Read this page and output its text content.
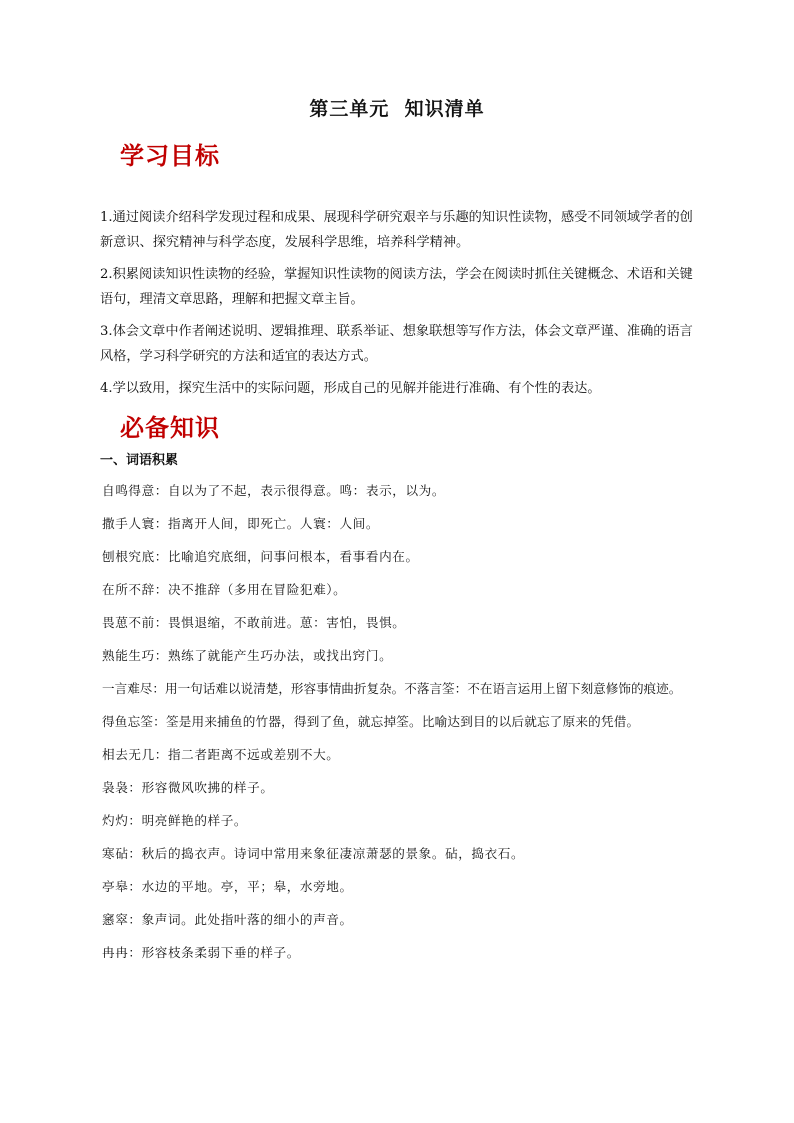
第三单元  知识清单
学习目标

1.通过阅读介绍科学发现过程和成果、展现科学研究艰辛与乐趣的知识性读物，感受不同领域学者的创新意识、探究精神与科学态度，发展科学思维，培养科学精神。

2.积累阅读知识性读物的经验，掌握知识性读物的阅读方法，学会在阅读时抓住关键概念、术语和关键语句，理清文章思路，理解和把握文章主旨。

3.体会文章中作者阐述说明、逻辑推理、联系举证、想象联想等写作方法，体会文章严谨、准确的语言风格，学习科学研究的方法和适宜的表达方式。

4.学以致用，探究生活中的实际问题，形成自己的见解并能进行准确、有个性的表达。

必备知识
一、词语积累
自鸣得意：自以为了不起，表示很得意。鸣：表示，以为。
撒手人寰：指离开人间，即死亡。人寰：人间。
刨根究底：比喻追究底细，问事问根本，看事看内在。
在所不辞：决不推辞（多用在冒险犯难）。
畏葸不前：畏惧退缩，不敢前进。葸：害怕，畏惧。
熟能生巧：熟练了就能产生巧办法，或找出窍门。
一言难尽：用一句话难以说清楚，形容事情曲折复杂。不落言筌：不在语言运用上留下刻意修饰的痕迹。
得鱼忘筌：筌是用来捕鱼的竹器，得到了鱼，就忘掉筌。比喻达到目的以后就忘了原来的凭借。
相去无几：指二者距离不远或差别不大。
袅袅：形容微风吹拂的样子。
灼灼：明亮鲜艳的样子。
寒砧：秋后的捣衣声。诗词中常用来象征凄凉萧瑟的景象。砧，捣衣石。
亭皋：水边的平地。亭，平；皋，水旁地。
窸窣：象声词。此处指叶落的细小的声音。
冉冉：形容枝条柔弱下垂的样子。
